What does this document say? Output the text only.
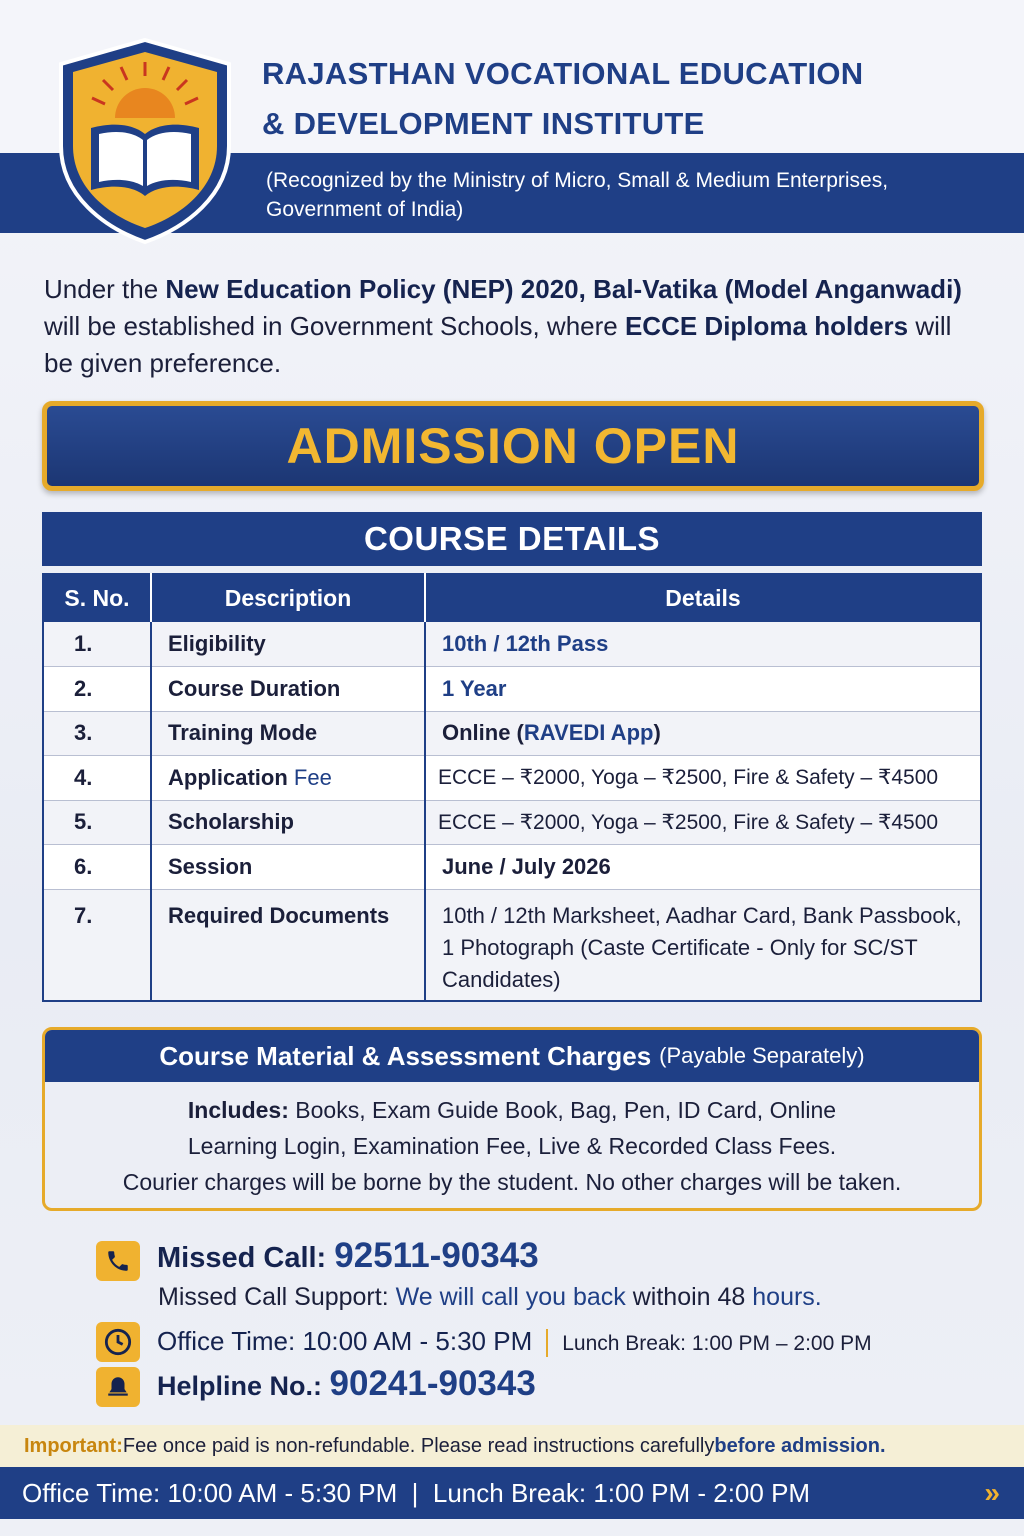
RAJASTHAN VOCATIONAL EDUCATION
& DEVELOPMENT INSTITUTE
(Recognized by the Ministry of Micro, Small & Medium Enterprises, Government of India)
Under the New Education Policy (NEP) 2020, Bal-Vatika (Model Anganwadi) will be established in Government Schools, where ECCE Diploma holders will be given preference.
ADMISSION OPEN
COURSE DETAILS
S. No.	Description	Details
1.	Eligibility	10th / 12th Pass
2.	Course Duration	1 Year
3.	Training Mode	Online (RAVEDI App)
4.	Application Fee	ECCE – ₹2000, Yoga – ₹2500, Fire & Safety – ₹4500
5.	Scholarship	ECCE – ₹2000, Yoga – ₹2500, Fire & Safety – ₹4500
6.	Session	June / July 2026
7.	Required Documents	10th / 12th Marksheet, Aadhar Card, Bank Passbook, 1 Photograph (Caste Certificate - Only for SC/ST Candidates)
Course Material & Assessment Charges (Payable Separately)
Includes: Books, Exam Guide Book, Bag, Pen, ID Card, Online Learning Login, Examination Fee, Live & Recorded Class Fees.
Courier charges will be borne by the student. No other charges will be taken.
Missed Call: 92511-90343
Missed Call Support: We will call you back withoin 48 hours.
Office Time: 10:00 AM - 5:30 PM Lunch Break: 1:00 PM – 2:00 PM
Helpline No.: 90241-90343
Important: Fee once paid is non-refundable. Please read instructions carefully before admission.
Office Time: 10:00 AM - 5:30 PM  |  Lunch Break: 1:00 PM - 2:00 PM	»
